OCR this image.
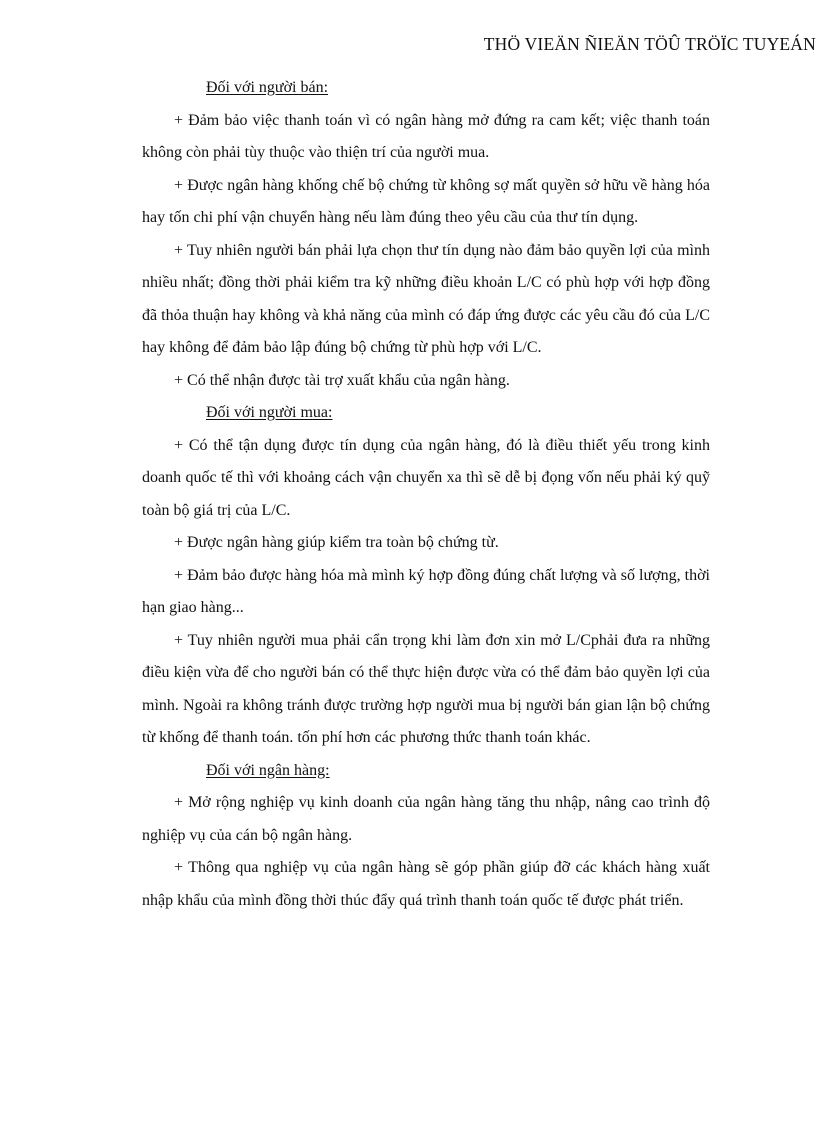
THÖ VIEÄN ÑIEÄN TÖÛ TRÖÏC TUYEÁN

Đối với người bán:

+ Đảm bảo việc thanh toán vì có ngân hàng mở đứng ra cam kết; việc thanh toán không còn phải tùy thuộc vào thiện trí của người mua.

+ Được ngân hàng khống chế bộ chứng từ không sợ mất quyền sở hữu về hàng hóa hay tốn chi phí vận chuyển hàng nếu làm đúng theo yêu cầu của thư tín dụng.

+ Tuy nhiên người bán phải lựa chọn thư tín dụng nào đảm bảo quyền lợi của mình nhiều nhất; đồng thời phải kiểm tra kỹ những điều khoản L/C có phù hợp với hợp đồng đã thỏa thuận hay không và khả năng của mình có đáp ứng được các yêu cầu đó của L/C hay không để đảm bảo lập đúng bộ chứng từ phù hợp với L/C.

+ Có thể nhận được tài trợ xuất khẩu của ngân hàng.

Đối với người mua:

+ Có thể tận dụng được tín dụng của ngân hàng, đó là điều thiết yếu trong kinh doanh quốc tế thì với khoảng cách vận chuyển xa thì sẽ dễ bị đọng vốn nếu phải ký quỹ toàn bộ giá trị của L/C.

+ Được ngân hàng giúp kiểm tra toàn bộ chứng từ.

+ Đảm bảo được hàng hóa mà mình ký hợp đồng đúng chất lượng và số lượng, thời hạn giao hàng...

+ Tuy nhiên người mua phải cẩn trọng khi làm đơn xin mở L/Cphải đưa ra những điều kiện vừa để cho người bán có thể thực hiện được vừa có thể đảm bảo quyền lợi của mình. Ngoài ra không tránh được trường hợp người mua bị người bán gian lận bộ chứng từ khống để thanh toán. tốn phí hơn các phương thức thanh toán khác.

Đối với ngân hàng:

+ Mở rộng nghiệp vụ kinh doanh của ngân hàng tăng thu nhập, nâng cao trình độ nghiệp vụ của cán bộ ngân hàng.

+ Thông qua nghiệp vụ của ngân hàng sẽ góp phần giúp đỡ các khách hàng xuất nhập khẩu của mình đồng thời thúc đẩy quá trình thanh toán quốc tế được phát triển.
